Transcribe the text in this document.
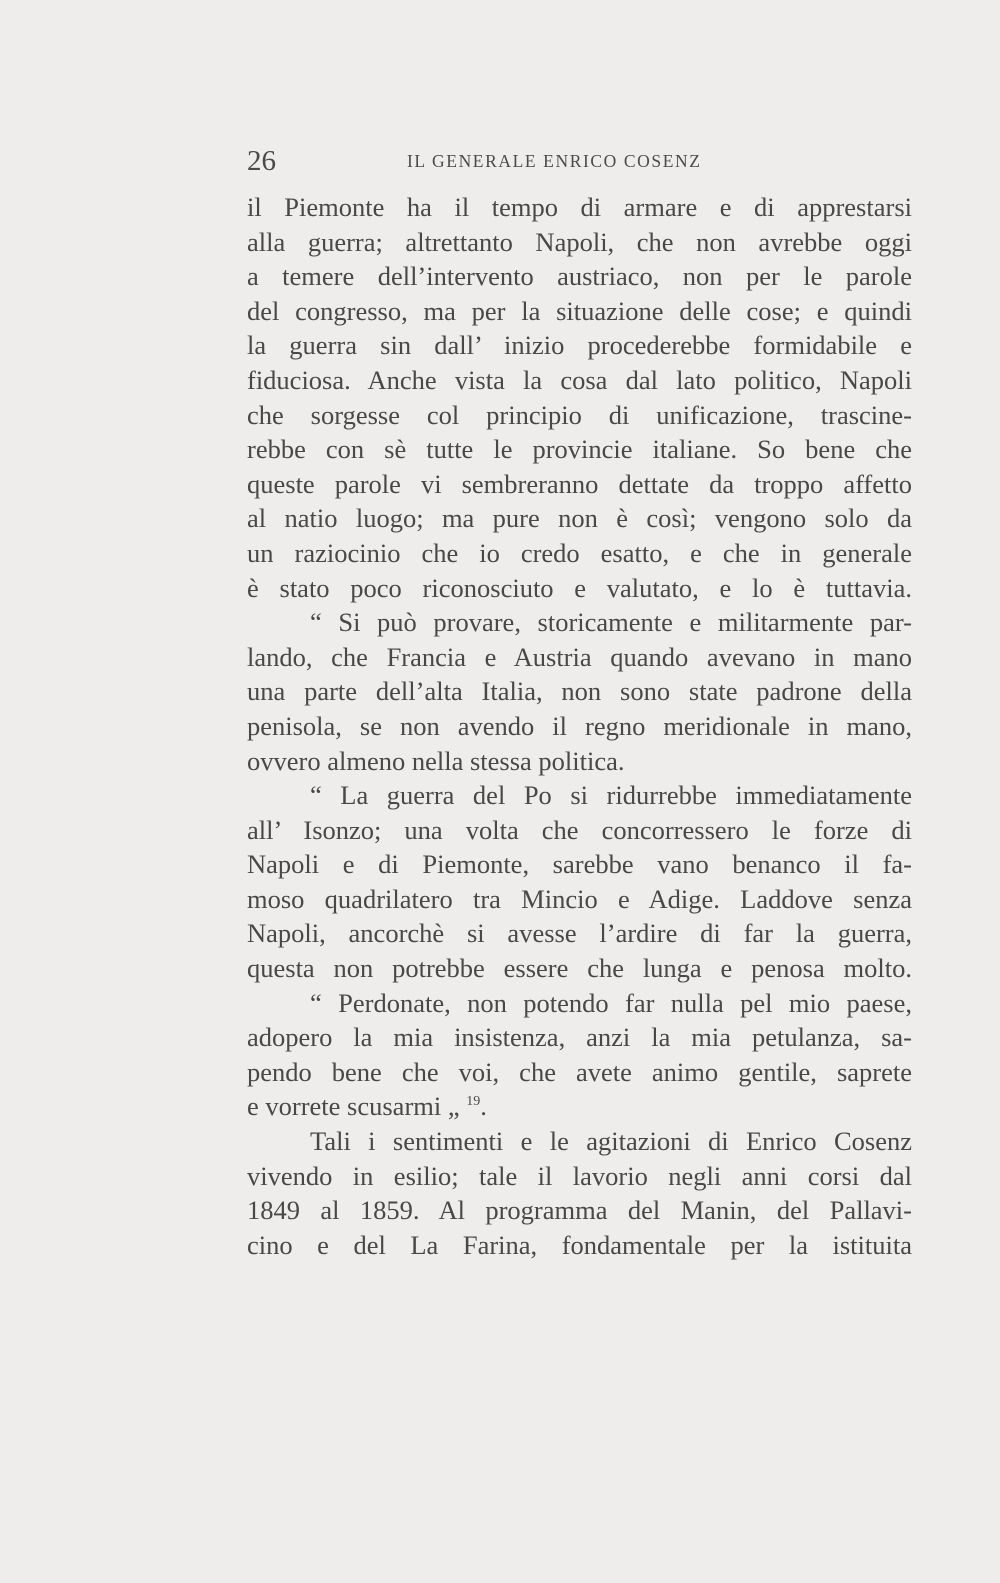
26	IL GENERALE ENRICO COSENZ
il Piemonte ha il tempo di armare e di apprestarsi
alla guerra; altrettanto Napoli, che non avrebbe oggi
a temere dell’intervento austriaco, non per le parole
del congresso, ma per la situazione delle cose; e quindi
la guerra sin dall’ inizio procederebbe formidabile e
fiduciosa. Anche vista la cosa dal lato politico, Napoli
che sorgesse col principio di unificazione, trascine-
rebbe con sè tutte le provincie italiane. So bene che
queste parole vi sembreranno dettate da troppo affetto
al natio luogo; ma pure non è così; vengono solo da
un raziocinio che io credo esatto, e che in generale
è stato poco riconosciuto e valutato, e lo è tuttavia.
“ Si può provare, storicamente e militarmente par-
lando, che Francia e Austria quando avevano in mano
una parte dell’alta Italia, non sono state padrone della
penisola, se non avendo il regno meridionale in mano,
ovvero almeno nella stessa politica.
“ La guerra del Po si ridurrebbe immediatamente
all’ Isonzo; una volta che concorressero le forze di
Napoli e di Piemonte, sarebbe vano benanco il fa-
moso quadrilatero tra Mincio e Adige. Laddove senza
Napoli, ancorchè si avesse l’ardire di far la guerra,
questa non potrebbe essere che lunga e penosa molto.
“ Perdonate, non potendo far nulla pel mio paese,
adopero la mia insistenza, anzi la mia petulanza, sa-
pendo bene che voi, che avete animo gentile, saprete
e vorrete scusarmi „ $^{19}$.
Tali i sentimenti e le agitazioni di Enrico Cosenz
vivendo in esilio; tale il lavorio negli anni corsi dal
1849 al 1859. Al programma del Manin, del Pallavi-
cino e del La Farina, fondamentale per la istituita
